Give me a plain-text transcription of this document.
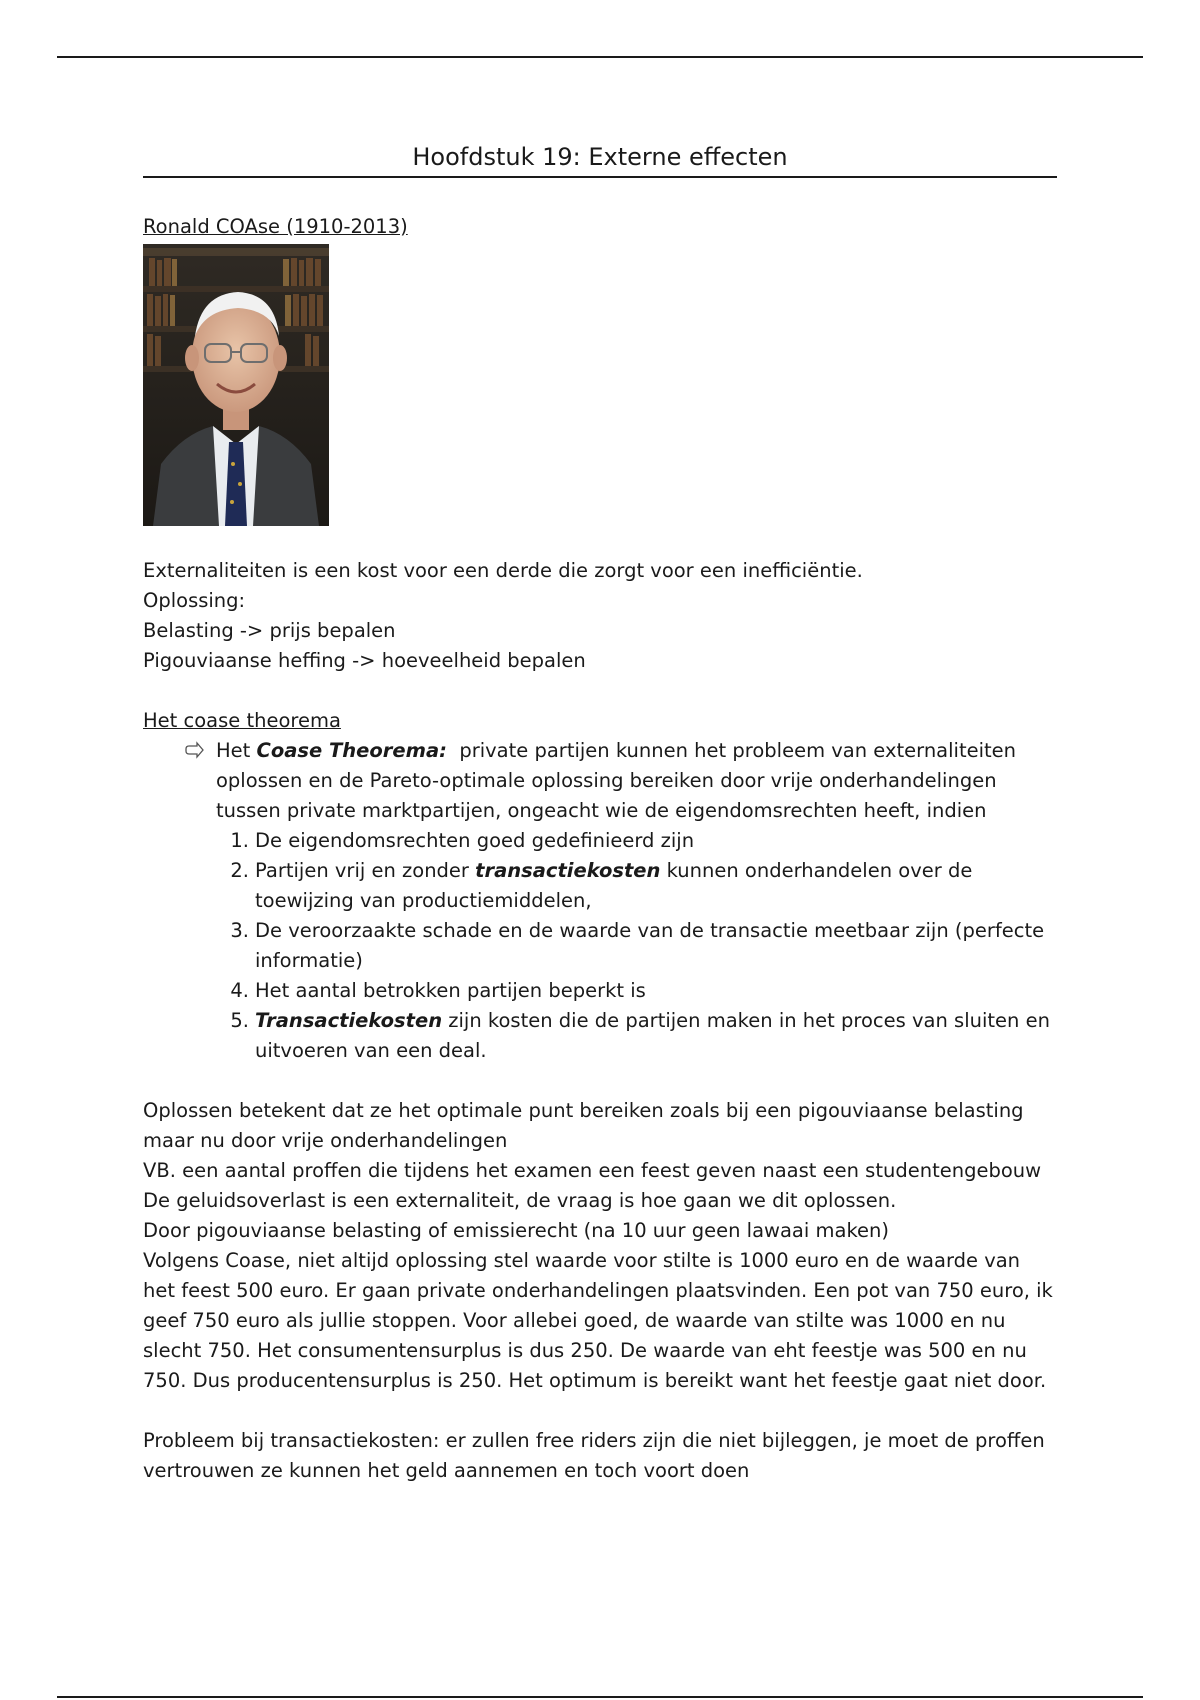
Hoofdstuk 19: Externe effecten

Ronald COAse (1910-2013)

Externaliteiten is een kost voor een derde die zorgt voor een inefficiëntie.

Oplossing:

Belasting -> prijs bepalen

Pigouviaanse heffing -> hoeveelheid bepalen

Het coase theorema

Het Coase Theorema:  private partijen kunnen het probleem van externaliteiten oplossen en de Pareto-optimale oplossing bereiken door vrije onderhandelingen tussen private marktpartijen, ongeacht wie de eigendomsrechten heeft, indien
1. De eigendomsrechten goed gedefinieerd zijn
2. Partijen vrij en zonder transactiekosten kunnen onderhandelen over de toewijzing van productiemiddelen,
3. De veroorzaakte schade en de waarde van de transactie meetbaar zijn (perfecte informatie)
4. Het aantal betrokken partijen beperkt is
5. Transactiekosten zijn kosten die de partijen maken in het proces van sluiten en uitvoeren van een deal.

Oplossen betekent dat ze het optimale punt bereiken zoals bij een pigouviaanse belasting maar nu door vrije onderhandelingen

VB. een aantal proffen die tijdens het examen een feest geven naast een studentengebouw

De geluidsoverlast is een externaliteit, de vraag is hoe gaan we dit oplossen.

Door pigouviaanse belasting of emissierecht (na 10 uur geen lawaai maken)

Volgens Coase, niet altijd oplossing stel waarde voor stilte is 1000 euro en de waarde van het feest 500 euro. Er gaan private onderhandelingen plaatsvinden. Een pot van 750 euro, ik geef 750 euro als jullie stoppen. Voor allebei goed, de waarde van stilte was 1000 en nu slecht 750. Het consumentensurplus is dus 250. De waarde van eht feestje was 500 en nu 750. Dus producentensurplus is 250. Het optimum is bereikt want het feestje gaat niet door.

Probleem bij transactiekosten: er zullen free riders zijn die niet bijleggen, je moet de proffen vertrouwen ze kunnen het geld aannemen en toch voort doen
